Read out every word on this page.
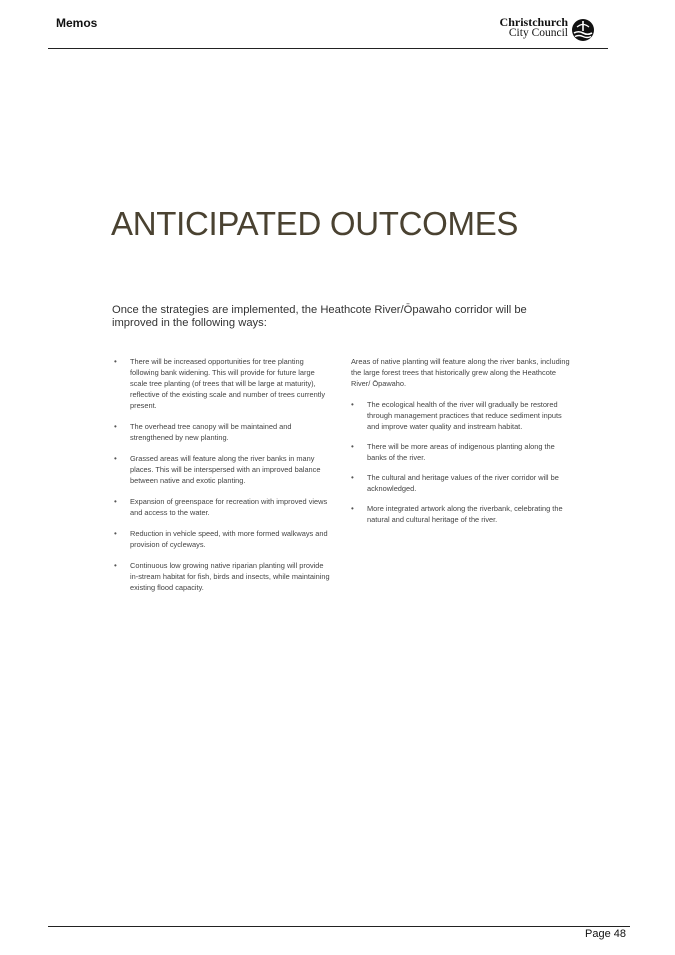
Memos	Christchurch
City Council
ANTICIPATED OUTCOMES

Once the strategies are implemented, the Heathcote River/Ōpawaho corridor will be improved in the following ways:

• There will be increased opportunities for tree planting following bank widening. This will provide for future large scale tree planting (of trees that will be large at maturity), reflective of the existing scale and number of trees currently present.
• The overhead tree canopy will be maintained and strengthened by new planting.
• Grassed areas will feature along the river banks in many places. This will be interspersed with an improved balance between native and exotic planting.
• Expansion of greenspace for recreation with improved views and access to the water.
• Reduction in vehicle speed, with more formed walkways and provision of cycleways.
• Continuous low growing native riparian planting will provide in-stream habitat for fish, birds and insects, while maintaining existing flood capacity.

Areas of native planting will feature along the river banks, including the large forest trees that historically grew along the Heathcote River/ Ōpawaho.

• The ecological health of the river will gradually be restored through management practices that reduce sediment inputs and improve water quality and instream habitat.
• There will be more areas of indigenous planting along the banks of the river.
• The cultural and heritage values of the river corridor will be acknowledged.
• More integrated artwork along the riverbank, celebrating the natural and cultural heritage of the river.
Page 48
